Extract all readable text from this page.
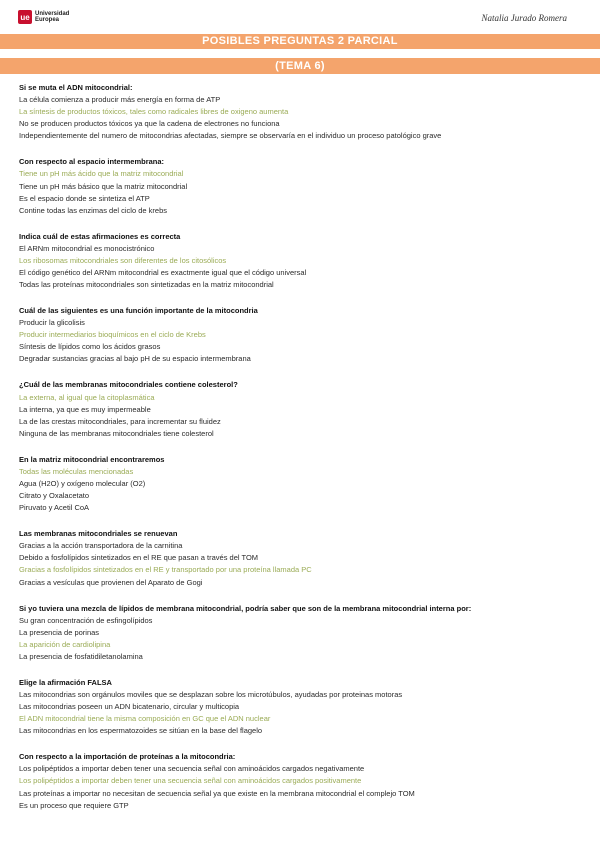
ue Universidad
Europea	Natalia Jurado Romera
POSIBLES PREGUNTAS 2 PARCIAL
(TEMA 6)
Si se muta el ADN mitocondrial:
La célula comienza a producir más energía en forma de ATP
La síntesis de productos tóxicos, tales como radicales libres de oxigeno aumenta
No se producen productos tóxicos ya que la cadena de electrones no funciona
Independientemente del numero de mitocondrias afectadas, siempre se observaría en el individuo un proceso patológico grave
Con respecto al espacio intermembrana:
Tiene un pH más ácido que la matriz mitocondrial
Tiene un pH más básico que la matriz mitocondrial
Es el espacio donde se sintetiza el ATP
Contine todas las enzimas del ciclo de krebs
Indica cuál de estas afirmaciones es correcta
El ARNm mitocondrial es monocistrónico
Los ribosomas mitocondriales son diferentes de los citosólicos
El código genético del ARNm mitocondrial es exactmente igual que el código universal
Todas las proteínas mitocondriales son sintetizadas en la matriz mitocondrial
Cuál de las siguientes es una función importante de la mitocondria
Producir la glicolisis
Producir intermediarios bioquímicos en el ciclo de Krebs
Síntesis de lípidos como los ácidos grasos
Degradar sustancias gracias al bajo pH de su espacio intermembrana
¿Cuál de las membranas mitocondriales contiene colesterol?
La externa, al igual que la citoplasmática
La interna, ya que es muy impermeable
La de las crestas mitocondriales, para incrementar su fluidez
Ninguna de las membranas mitocondriales tiene colesterol
En la matriz mitocondrial encontraremos
Todas las moléculas mencionadas
Agua (H2O) y oxígeno molecular (O2)
Citrato y Oxalacetato
Piruvato y Acetil CoA
Las membranas mitocondriales se renuevan
Gracias a la acción transportadora de la carnitina
Debido a fosfolípidos sintetizados en el RE que pasan a través del TOM
Gracias a fosfolípidos sintetizados en el RE y transportado por una proteína llamada PC
Gracias a vesículas que provienen del Aparato de Gogi
Si yo tuviera una mezcla de lípidos de membrana mitocondrial, podría saber que son de la membrana mitocondrial interna por:
Su gran concentración de esfingolípidos
La presencia de porinas
La aparición de cardiolipina
La presencia de fosfatidiletanolamina
Elige la afirmación FALSA
Las mitocondrias son orgánulos moviles que se desplazan sobre los microtúbulos, ayudadas por proteinas motoras
Las mitocondrias poseen un ADN bicatenario, circular y multicopia
El ADN mitocondrial tiene la misma composición en GC que el ADN nuclear
Las mitocondrias en los espermatozoides se sitúan en la base del flagelo
Con respecto a la importación de proteínas a la mitocondria:
Los polipéptidos a importar deben tener una secuencia señal con aminoácidos cargados negativamente
Los polipéptidos a importar deben tener una secuencia señal con aminoácidos cargados positivamente
Las proteínas a importar no necesitan de secuencia señal ya que existe en la membrana mitocondrial el complejo TOM
Es un proceso que requiere GTP
